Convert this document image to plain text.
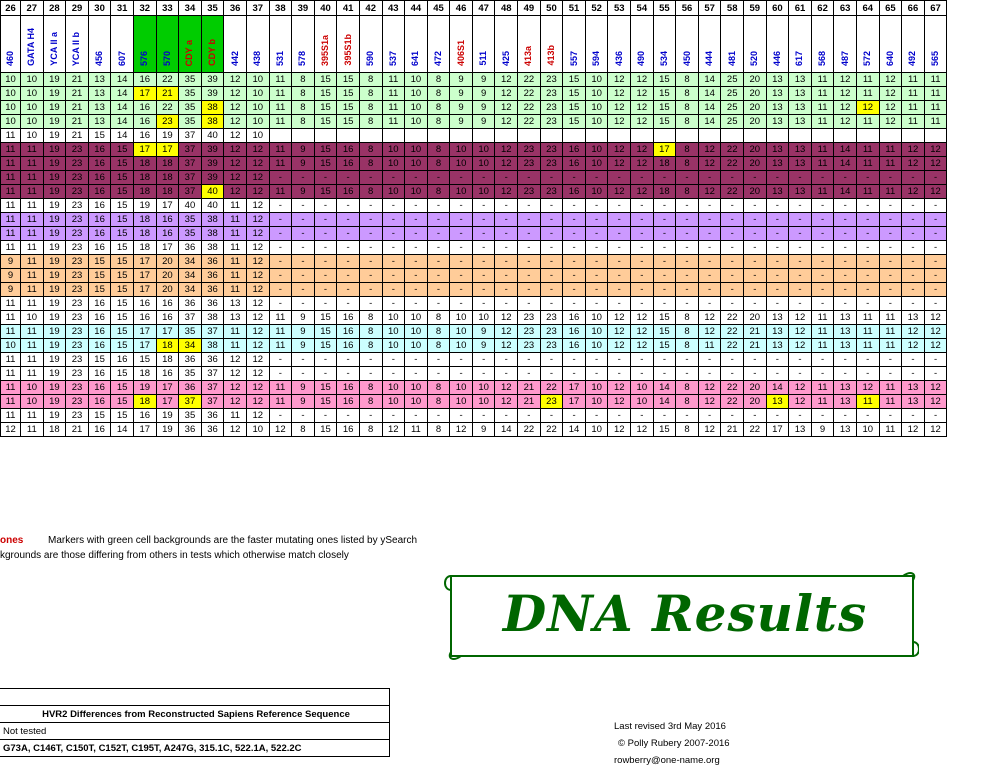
26	27	28	29	30	31	32	33	34	35	36	37	38	39	40	41	42	43	44	45	46	47	48	49	50	51	52	53	54	55	56	57	58	59	60	61	62	63	64	65	66	67
460	GATA H4	YCA II a	YCA II b	456	607	576	570	CDY a	CDY b	442	438	531	578	395S1a	395S1b	590	537	641	472	406S1	511	425	413a	413b	557	594	436	490	534	450	444	481	520	446	617	568	487	572	640	492	565
10	10	19	21	13	14	16	22	35	39	12	10	11	8	15	15	8	11	10	8	9	9	12	22	23	15	10	12	12	15	8	14	25	20	13	13	11	12	11	12	11	11
10	10	19	21	13	14	17	21	35	39	12	10	11	8	15	15	8	11	10	8	9	9	12	22	23	15	10	12	12	15	8	14	25	20	13	13	11	12	11	12	11	11
10	10	19	21	13	14	16	22	35	38	12	10	11	8	15	15	8	11	10	8	9	9	12	22	23	15	10	12	12	15	8	14	25	20	13	13	11	12	12	12	11	11
10	10	19	21	13	14	16	23	35	38	12	10	11	8	15	15	8	11	10	8	9	9	12	22	23	15	10	12	12	15	8	14	25	20	13	13	11	12	11	12	11	11
11	10	19	21	15	14	16	19	37	40	12	10																														
11	11	19	23	16	15	17	17	37	39	12	12	11	9	15	16	8	10	10	8	10	10	12	23	23	16	10	12	12	17	8	12	22	20	13	13	11	14	11	11	12	12
11	11	19	23	16	15	18	18	37	39	12	12	11	9	15	16	8	10	10	8	10	10	12	23	23	16	10	12	12	18	8	12	22	20	13	13	11	14	11	11	12	12
11	11	19	23	16	15	18	18	37	39	12	12	-	-	-	-	-	-	-	-	-	-	-	-	-	-	-	-	-	-	-	-	-	-	-	-	-	-	-	-	-	-
11	11	19	23	16	15	18	18	37	40	12	12	11	9	15	16	8	10	10	8	10	10	12	23	23	16	10	12	12	18	8	12	22	20	13	13	11	14	11	11	12	12
11	11	19	23	16	15	19	17	40	40	11	12	-	-	-	-	-	-	-	-	-	-	-	-	-	-	-	-	-	-	-	-	-	-	-	-	-	-	-	-	-	-
11	11	19	23	16	15	18	16	35	38	11	12	-	-	-	-	-	-	-	-	-	-	-	-	-	-	-	-	-	-	-	-	-	-	-	-	-	-	-	-	-	-
11	11	19	23	16	15	18	16	35	38	11	12	-	-	-	-	-	-	-	-	-	-	-	-	-	-	-	-	-	-	-	-	-	-	-	-	-	-	-	-	-	-
11	11	19	23	16	15	18	17	36	38	11	12	-	-	-	-	-	-	-	-	-	-	-	-	-	-	-	-	-	-	-	-	-	-	-	-	-	-	-	-	-	-
9	11	19	23	15	15	17	20	34	36	11	12	-	-	-	-	-	-	-	-	-	-	-	-	-	-	-	-	-	-	-	-	-	-	-	-	-	-	-	-	-	-
9	11	19	23	15	15	17	20	34	36	11	12	-	-	-	-	-	-	-	-	-	-	-	-	-	-	-	-	-	-	-	-	-	-	-	-	-	-	-	-	-	-
9	11	19	23	15	15	17	20	34	36	11	12	-	-	-	-	-	-	-	-	-	-	-	-	-	-	-	-	-	-	-	-	-	-	-	-	-	-	-	-	-	-
11	11	19	23	16	15	16	16	36	36	13	12	-	-	-	-	-	-	-	-	-	-	-	-	-	-	-	-	-	-	-	-	-	-	-	-	-	-	-	-	-	-
11	10	19	23	16	15	16	16	37	38	13	12	11	9	15	16	8	10	10	8	10	10	12	23	23	16	10	12	12	15	8	12	22	20	13	12	11	13	11	11	13	12
11	11	19	23	16	15	17	17	35	37	11	12	11	9	15	16	8	10	10	8	10	9	12	23	23	16	10	12	12	15	8	12	22	21	13	12	11	13	11	11	12	12
10	11	19	23	16	15	17	18	34	38	11	12	11	9	15	16	8	10	10	8	10	9	12	23	23	16	10	12	12	15	8	11	22	21	13	12	11	13	11	11	12	12
11	11	19	23	15	16	15	18	36	36	12	12	-	-	-	-	-	-	-	-	-	-	-	-	-	-	-	-	-	-	-	-	-	-	-	-	-	-	-	-	-	-
11	11	19	23	16	15	18	16	35	37	12	12	-	-	-	-	-	-	-	-	-	-	-	-	-	-	-	-	-	-	-	-	-	-	-	-	-	-	-	-	-	-
11	10	19	23	16	15	19	17	36	37	12	12	11	9	15	16	8	10	10	8	10	10	12	21	22	17	10	12	10	14	8	12	22	20	14	12	11	13	12	11	13	12
11	10	19	23	16	15	18	17	37	37	12	12	11	9	15	16	8	10	10	8	10	10	12	21	23	17	10	12	10	14	8	12	22	20	13	12	11	13	11	11	13	12
11	11	19	23	15	15	16	19	35	36	11	12	-	-	-	-	-	-	-	-	-	-	-	-	-	-	-	-	-	-	-	-	-	-	-	-	-	-	-	-	-	-
12	11	18	21	16	14	17	19	36	36	12	10	12	8	15	16	8	12	11	8	12	9	14	22	22	14	10	12	12	15	8	12	21	22	17	13	9	13	10	11	12	12
ones Markers with green cell backgrounds are the faster mutating ones listed by ySearch
kgrounds are those differing from others in tests which otherwise match closely
DNA Results

HVR2 Differences from Reconstructed Sapiens Reference Sequence
Not tested
G73A, C146T, C150T, C152T, C195T, A247G, 315.1C, 522.1A, 522.2C
Last revised 3rd May 2016
© Polly Rubery 2007-2016
rowberry@one-name.org
